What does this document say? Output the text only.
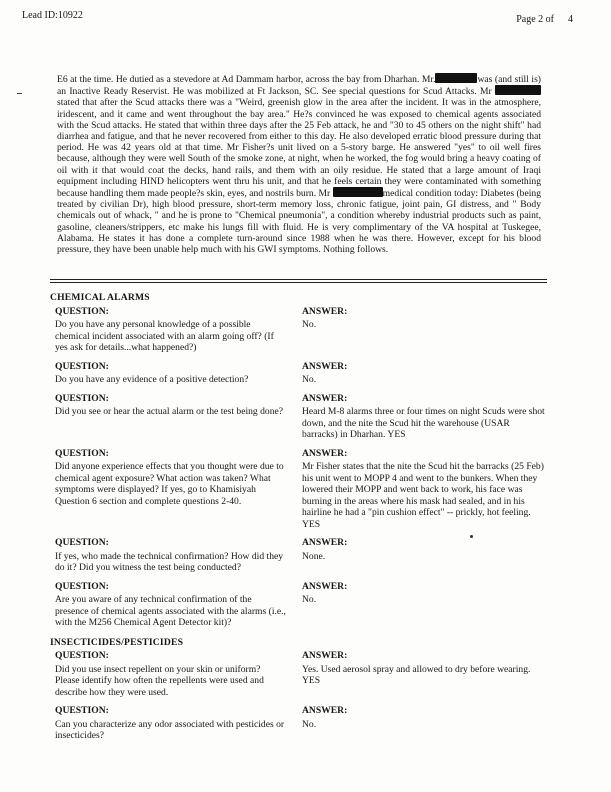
Lead ID:10922	Page 2 of 4
E6 at the time. He dutied as a stevedore at Ad Dammam harbor, across the bay from Dharhan. Mr.	was (and still is) an Inactive Ready Reservist. He was mobilized at Ft Jackson, SC. See special questions for Scud Attacks. Mr stated that after the Scud attacks there was a "Weird, greenish glow in the area after the incident. It was in the atmosphere, iridescent, and it came and went throughout the bay area." He?s convinced he was exposed to chemical agents associated with the Scud attacks. He stated that within three days after the 25 Feb attack, he and "30 to 45 others on the night shift" had diarrhea and fatigue, and that he never recovered from either to this day. He also developed erratic blood pressure during that period. He was 42 years old at that time. Mr Fisher?s unit lived on a 5-story barge. He answered "yes" to oil well fires because, although they were well South of the smoke zone, at night, when he worked, the fog would bring a heavy coating of oil with it that would coat the decks, hand rails, and them with an oily residue. He stated that a large amount of Iraqi equipment including HIND helicopters went thru his unit, and that he feels certain they were contaminated with something because handling them made people?s skin, eyes, and nostrils burn. Mr	medical condition today: Diabetes (being treated by civilian Dr), high blood pressure, short-term memory loss, chronic fatigue, joint pain, GI distress, and " Body chemicals out of whack, " and he is prone to "Chemical pneumonia", a condition whereby industrial products such as paint, gasoline, cleaners/strippers, etc make his lungs fill with fluid. He is very complimentary of the VA hospital at Tuskegee, Alabama. He states it has done a complete turn-around since 1988 when he was there. However, except for his blood pressure, they have been unable help much with his GWI symptoms. Nothing follows.
CHEMICAL ALARMS
QUESTION:
Do you have any personal knowledge of a possible chemical incident associated with an alarm going off? (If yes ask for details...what happened?)
ANSWER:
No.
QUESTION:
Do you have any evidence of a positive detection?
ANSWER:
No.
QUESTION:
Did you see or hear the actual alarm or the test being done?
ANSWER:
Heard M-8 alarms three or four times on night Scuds were shot down, and the nite the Scud hit the warehouse (USAR barracks) in Dharhan. YES
QUESTION:
Did anyone experience effects that you thought were due to chemical agent exposure? What action was taken? What symptoms were displayed? If yes, go to Khamisiyah Question 6 section and complete questions 2-40.
ANSWER:
Mr Fisher states that the nite the Scud hit the barracks (25 Feb) his unit went to MOPP 4 and went to the bunkers. When they lowered their MOPP and went back to work, his face was burning in the areas where his mask had sealed, and in his hairline he had a "pin cushion effect" -- prickly, hot feeling. YES
QUESTION:
If yes, who made the technical confirmation? How did they do it? Did you witness the test being conducted?
ANSWER:
None.
QUESTION:
Are you aware of any technical confirmation of the presence of chemical agents associated with the alarms (i.e., with the M256 Chemical Agent Detector kit)?
ANSWER:
No.
INSECTICIDES/PESTICIDES
QUESTION:
Did you use insect repellent on your skin or uniform? Please identify how often the repellents were used and describe how they were used.
ANSWER:
Yes. Used aerosol spray and allowed to dry before wearing. YES
QUESTION:
Can you characterize any odor associated with pesticides or insecticides?
ANSWER:
No.
